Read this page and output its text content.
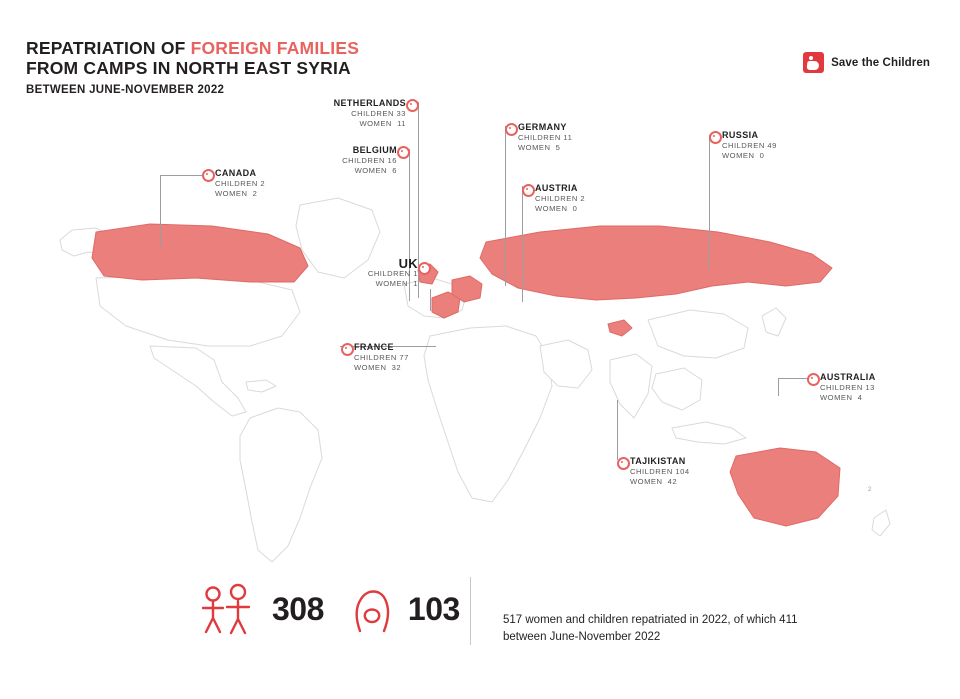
REPATRIATION OF FOREIGN FAMILIES
FROM CAMPS IN NORTH EAST SYRIA
BETWEEN JUNE-NOVEMBER 2022
Save the Children
CANADA
CHILDREN 2
WOMEN  2
NETHERLANDS
CHILDREN 33
WOMEN  11
BELGIUM
CHILDREN 16
WOMEN  6
GERMANY
CHILDREN 11
WOMEN  5
AUSTRIA
CHILDREN 2
WOMEN  0
RUSSIA
CHILDREN 49
WOMEN  0
UK
CHILDREN 1
WOMEN  1
FRANCE
CHILDREN 77
WOMEN  32
TAJIKISTAN
CHILDREN 104
WOMEN  42
AUSTRALIA
CHILDREN 13
WOMEN  4
2
308	103	517 women and children repatriated in 2022, of which 411 between June-November 2022
